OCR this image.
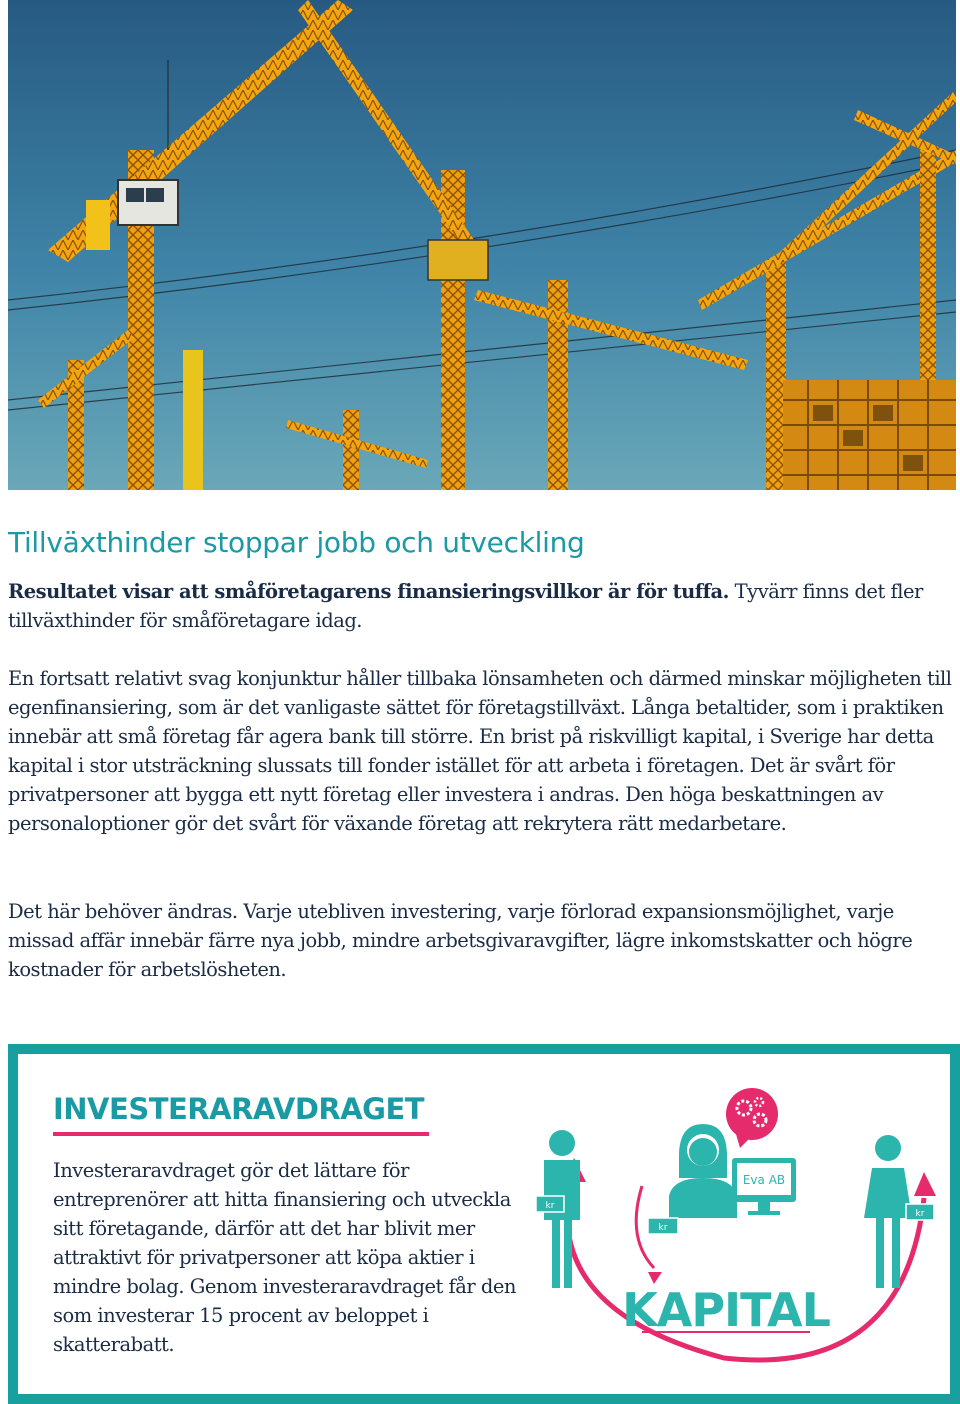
Tillväxthinder stoppar jobb och utveckling

Resultatet visar att småföretagarens finansieringsvillkor är för tuffa. Tyvärr finns det fler tillväxthinder för småföretagare idag.

En fortsatt relativt svag konjunktur håller tillbaka lönsamheten och därmed minskar möjligheten till egenfinansiering, som är det vanligaste sättet för företagstillväxt. Långa betaltider, som i praktiken innebär att små företag får agera bank till större. En brist på riskvilligt kapital, i Sverige har detta kapital i stor utsträckning slussats till fonder istället för att arbeta i företagen. Det är svårt för privatpersoner att bygga ett nytt företag eller investera i andras. Den höga beskattningen av personaloptioner gör det svårt för växande företag att rekrytera rätt medarbetare.

Det här behöver ändras. Varje utebliven investering, varje förlorad expansionsmöjlighet, varje missad affär innebär färre nya jobb, mindre arbetsgivaravgifter, lägre inkomstskatter och högre kostnader för arbetslösheten.

INVESTERARAVDRAGET

Investeraravdraget gör det lättare för entreprenörer att hitta finansiering och utveckla sitt företagande, därför att det har blivit mer attraktivt för privatpersoner att köpa aktier i mindre bolag. Genom investeraravdraget får den som investerar 15 procent av beloppet i skatterabatt.

kr
Eva AB
kr
kr
KAPITAL
